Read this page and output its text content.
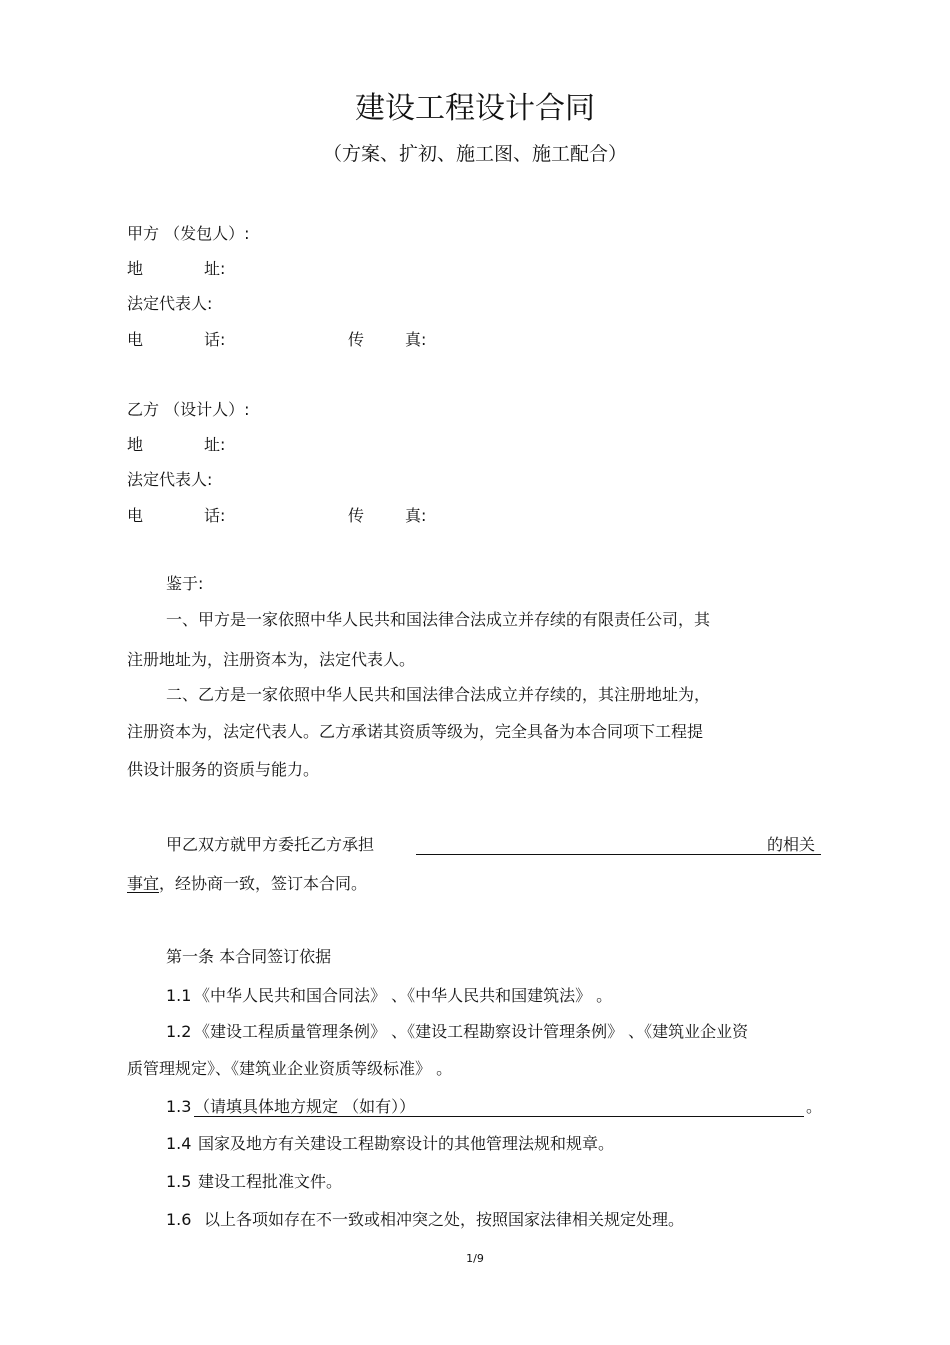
建设工程设计合同
（方案、扩初、施工图、施工配合）
甲方 （发包人）:
地	址:
法定代表人:
电	话:	传	真:
乙方 （设计人）:
地	址:
法定代表人:
电	话:	传	真:
鉴于:
一、甲方是一家依照中华人民共和国法律合法成立并存续的有限责任公司，其
注册地址为，注册资本为，法定代表人。
二、乙方是一家依照中华人民共和国法律合法成立并存续的，其注册地址为，
注册资本为，法定代表人。乙方承诺其资质等级为，完全具备为本合同项下工程提
供设计服务的资质与能力。
甲乙双方就甲方委托乙方承担	的相关
事宜，经协商一致，签订本合同。
第一条 本合同签订依据
1.1 《中华人民共和国合同法》 、《中华人民共和国建筑法》 。
1.2 《建设工程质量管理条例》 、《建设工程勘察设计管理条例》 、《建筑业企业资
质管理规定》、《建筑业企业资质等级标准》 。
1.3 （请填具体地方规定 （如有））	。
1.4 国家及地方有关建设工程勘察设计的其他管理法规和规章。
1.5 建设工程批准文件。
1.6 以上各项如存在不一致或相冲突之处，按照国家法律相关规定处理。
1/9
